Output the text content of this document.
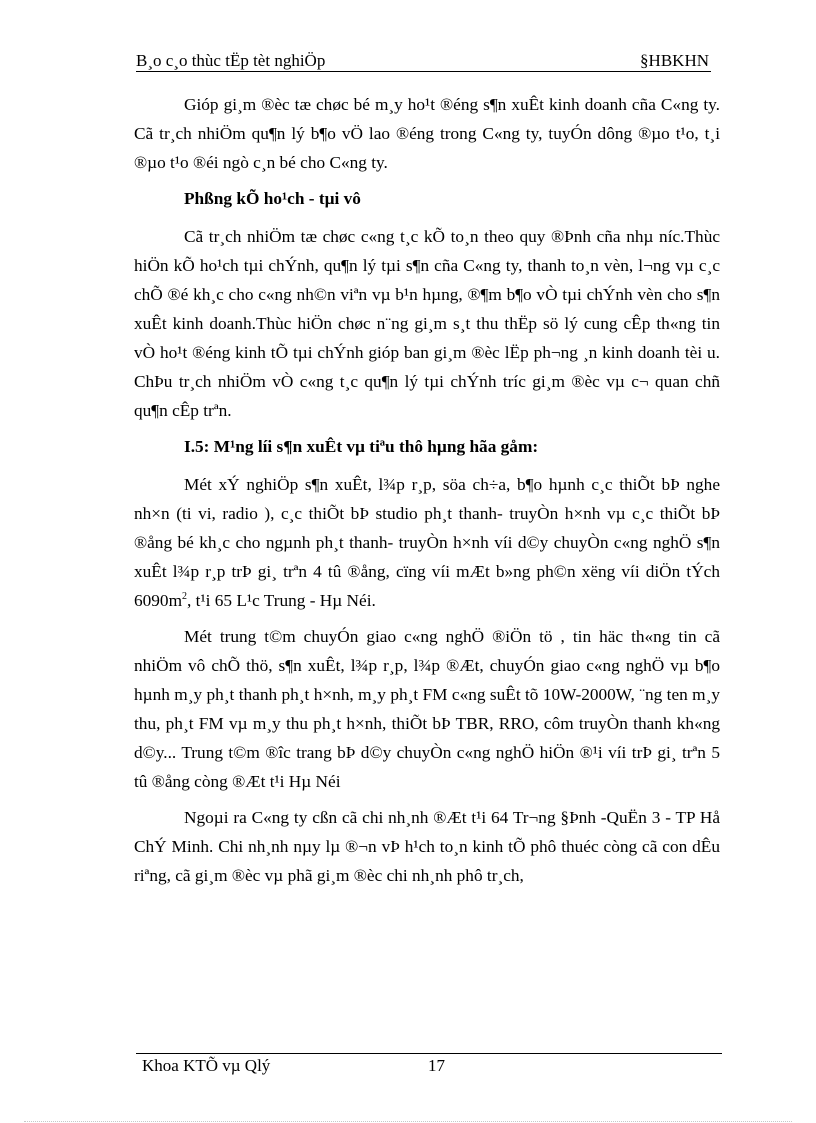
B¸o c¸o thùc tËp tèt nghiÖp	§HBKHN

Gióp gi¸m ®èc tæ chøc bé m¸y ho¹t ®éng s¶n xuÊt kinh doanh cña C«ng ty. Cã tr¸ch nhiÖm qu¶n lý b¶o vÖ lao ®éng trong C«ng ty, tuyÓn dông ®µo t¹o, t¸i ®µo t¹o ®éi ngò c¸n bé cho C«ng ty.

Phßng kÕ ho¹ch - tµi vô

Cã tr¸ch nhiÖm tæ chøc c«ng t¸c kÕ to¸n theo quy ®Þnh cña nhµ níc.Thùc hiÖn kÕ ho¹ch tµi chÝnh, qu¶n lý tµi s¶n cña C«ng ty, thanh to¸n vèn, l¬ng vµ c¸c chÕ ®é kh¸c cho c«ng nh©n viªn vµ b¹n hµng, ®¶m b¶o vÒ tµi chÝnh vèn cho s¶n xuÊt kinh doanh.Thùc hiÖn chøc n¨ng gi¸m s¸t thu thËp sö lý cung cÊp th«ng tin vÒ ho¹t ®éng kinh tÕ tµi chÝnh gióp ban gi¸m ®èc lËp ph¬ng ¸n kinh doanh tèi u. ChÞu tr¸ch nhiÖm vÒ c«ng t¸c qu¶n lý tµi chÝnh tríc gi¸m ®èc vµ c¬ quan chñ qu¶n cÊp trªn.

I.5: M¹ng líi s¶n xuÊt vµ tiªu thô hµng hãa gåm:

Mét xÝ nghiÖp s¶n xuÊt, l¾p r¸p, söa ch÷a, b¶o hµnh c¸c thiÕt bÞ nghe nh×n (ti vi, radio ), c¸c thiÕt bÞ studio ph¸t thanh- truyÒn h×nh vµ c¸c thiÕt bÞ ®ång bé kh¸c cho ngµnh ph¸t thanh- truyÒn h×nh víi d©y chuyÒn c«ng nghÖ s¶n xuÊt l¾p r¸p trÞ gi¸ trªn 4 tû ®ång, cïng víi mÆt b»ng ph©n xëng víi diÖn tÝch $6090m^2$, t¹i 65 L¹c Trung - Hµ Néi.

Mét trung t©m chuyÓn giao c«ng nghÖ ®iÖn tö , tin häc th«ng tin cã nhiÖm vô chÕ thö, s¶n xuÊt, l¾p r¸p, l¾p ®Æt, chuyÓn giao c«ng nghÖ vµ b¶o hµnh m¸y ph¸t thanh ph¸t h×nh, m¸y ph¸t FM c«ng suÊt tõ 10W-2000W, ¨ng ten m¸y thu, ph¸t FM vµ m¸y thu ph¸t h×nh, thiÕt bÞ TBR, RRO, côm truyÒn thanh kh«ng d©y... Trung t©m ®îc trang bÞ d©y chuyÒn c«ng nghÖ hiÖn ®¹i víi trÞ gi¸ trªn 5 tû ®ång còng ®Æt t¹i Hµ Néi

Ngoµi ra C«ng ty cßn cã chi nh¸nh ®Æt t¹i 64 Tr¬ng §Þnh -QuËn 3 - TP Hå ChÝ Minh. Chi nh¸nh nµy lµ ®¬n vÞ h¹ch to¸n kinh tÕ phô thuéc còng cã con dÊu riªng, cã gi¸m ®èc vµ phã gi¸m ®èc chi nh¸nh phô tr¸ch,

Khoa KTÕ vµ Qlý	17
